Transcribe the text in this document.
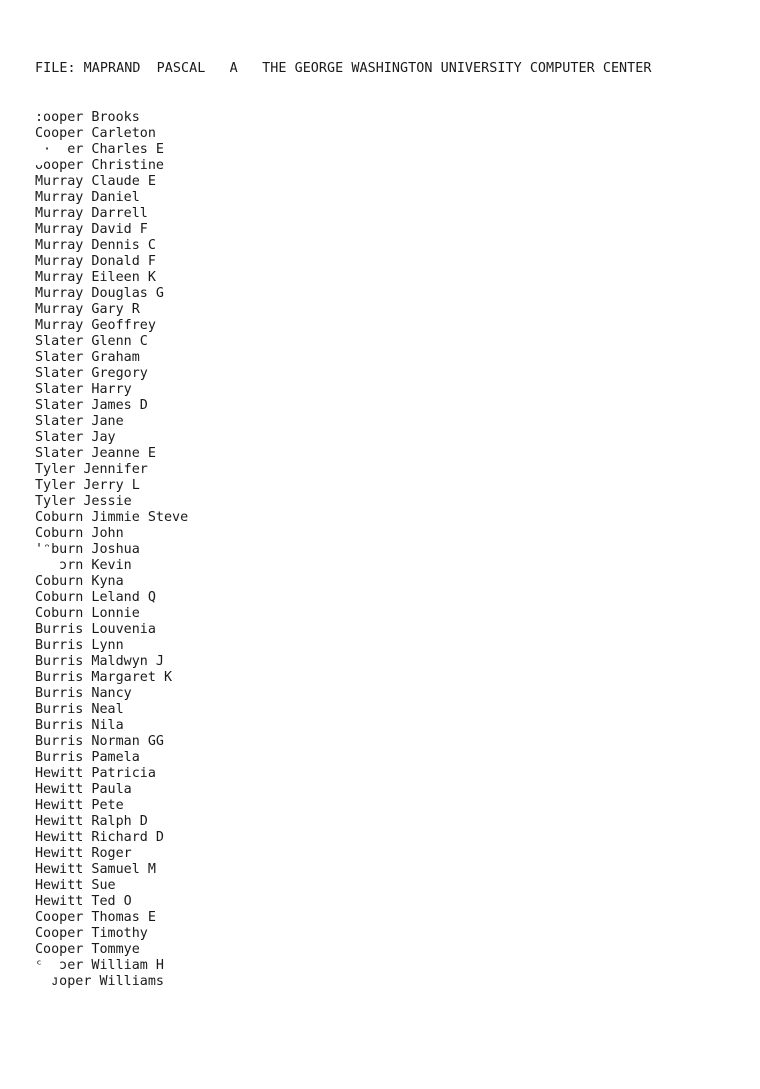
FILE: MAPRAND  PASCAL   A   THE GEORGE WASHINGTON UNIVERSITY COMPUTER CENTER
:ooper Brooks
Cooper Carleton
·  er Charles E
ᴗooper Christine
Murray Claude E
Murray Daniel
Murray Darrell
Murray David F
Murray Dennis C
Murray Donald F
Murray Eileen K
Murray Douglas G
Murray Gary R
Murray Geoffrey
Slater Glenn C
Slater Graham
Slater Gregory
Slater Harry
Slater James D
Slater Jane
Slater Jay
Slater Jeanne E
Tyler Jennifer
Tyler Jerry L
Tyler Jessie
Coburn Jimmie Steve
Coburn John
'ᵔburn Joshua
ɔrn Kevin
Coburn Kyna
Coburn Leland Q
Coburn Lonnie
Burris Louvenia
Burris Lynn
Burris Maldwyn J
Burris Margaret K
Burris Nancy
Burris Neal
Burris Nila
Burris Norman GG
Burris Pamela
Hewitt Patricia
Hewitt Paula
Hewitt Pete
Hewitt Ralph D
Hewitt Richard D
Hewitt Roger
Hewitt Samuel M
Hewitt Sue
Hewitt Ted O
Cooper Thomas E
Cooper Timothy
Cooper Tommye
ᶜ  ɔer William H
ᴊoper Williams
